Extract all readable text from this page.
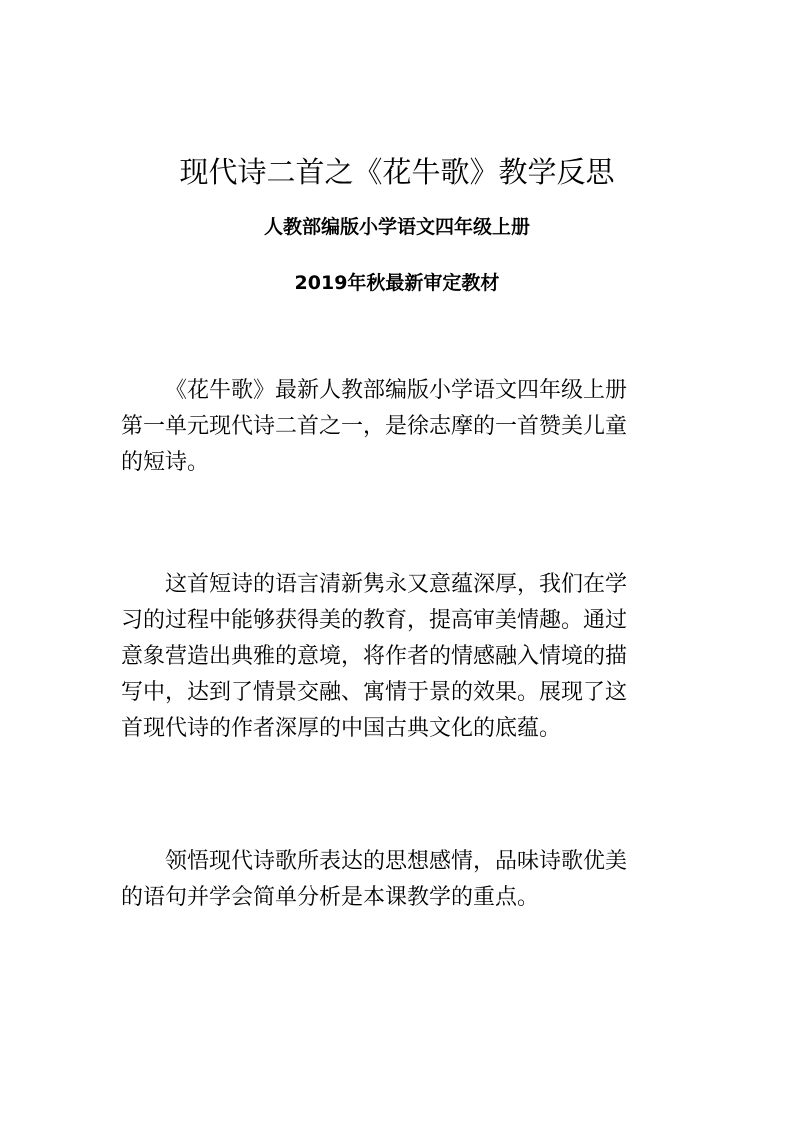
现代诗二首之《花牛歌》教学反思
人教部编版小学语文四年级上册
2019年秋最新审定教材
《花牛歌》最新人教部编版小学语文四年级上册
第一单元现代诗二首之一，是徐志摩的一首赞美儿童
的短诗。
这首短诗的语言清新隽永又意蕴深厚，我们在学
习的过程中能够获得美的教育，提高审美情趣。通过
意象营造出典雅的意境，将作者的情感融入情境的描
写中，达到了情景交融、寓情于景的效果。展现了这
首现代诗的作者深厚的中国古典文化的底蕴。
领悟现代诗歌所表达的思想感情，品味诗歌优美
的语句并学会简单分析是本课教学的重点。
